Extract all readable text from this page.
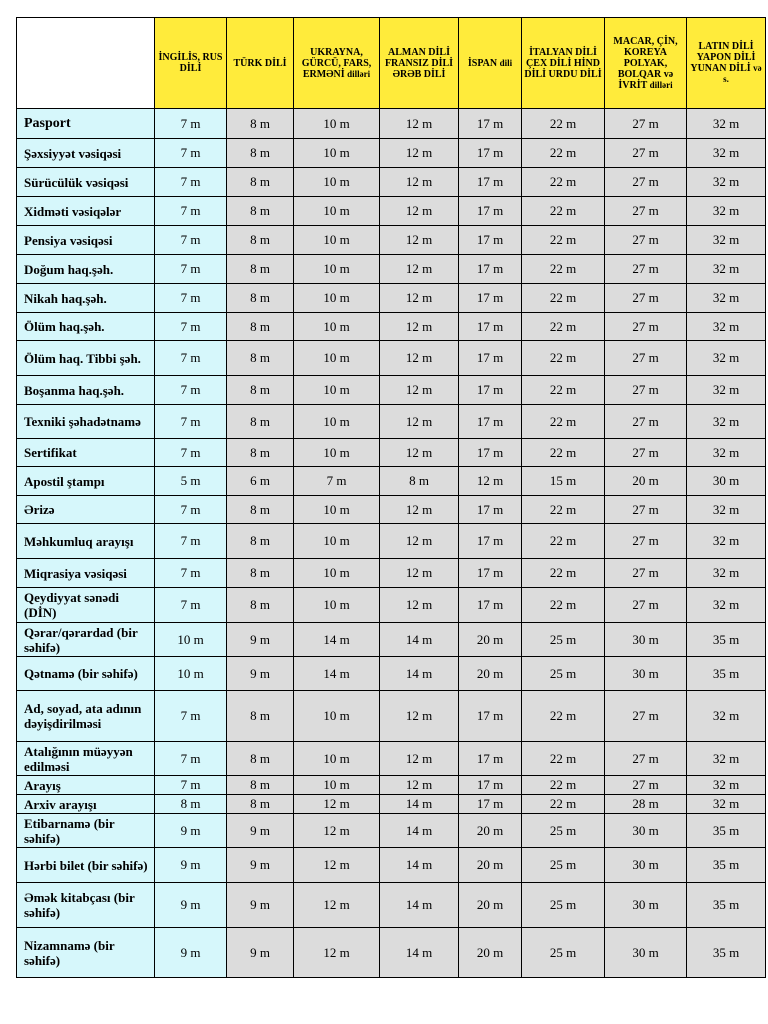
	İNGİLİS, RUS DİLİ	TÜRK DİLİ	UKRAYNA, GÜRCÜ, FARS, ERMƏNİ dilləri	ALMAN DİLİ FRANSIZ DİLİ ƏRƏB DİLİ	İSPAN dili	İTALYAN DİLİ ÇEX DİLİ HİND DİLİ URDU DİLİ	MACAR, ÇİN, KOREYA POLYAK, BOLQAR və İVRİT dilləri	LATIN DİLİ YAPON DİLİ YUNAN DİLİ və s.
Pasport	7 m	8 m	10 m	12 m	17 m	22 m	27 m	32 m
Şəxsiyyət vəsiqəsi	7 m	8 m	10 m	12 m	17 m	22 m	27 m	32 m
Sürücülük vəsiqəsi	7 m	8 m	10 m	12 m	17 m	22 m	27 m	32 m
Xidməti vəsiqələr	7 m	8 m	10 m	12 m	17 m	22 m	27 m	32 m
Pensiya vəsiqəsi	7 m	8 m	10 m	12 m	17 m	22 m	27 m	32 m
Doğum haq.şəh.	7 m	8 m	10 m	12 m	17 m	22 m	27 m	32 m
Nikah haq.şəh.	7 m	8 m	10 m	12 m	17 m	22 m	27 m	32 m
Ölüm haq.şəh.	7 m	8 m	10 m	12 m	17 m	22 m	27 m	32 m
Ölüm haq. Tibbi şəh.	7 m	8 m	10 m	12 m	17 m	22 m	27 m	32 m
Boşanma haq.şəh.	7 m	8 m	10 m	12 m	17 m	22 m	27 m	32 m
Texniki şəhadətnamə	7 m	8 m	10 m	12 m	17 m	22 m	27 m	32 m
Sertifikat	7 m	8 m	10 m	12 m	17 m	22 m	27 m	32 m
Apostil ştampı	5 m	6 m	7 m	8 m	12 m	15 m	20 m	30 m
Ərizə	7 m	8 m	10 m	12 m	17 m	22 m	27 m	32 m
Məhkumluq arayışı	7 m	8 m	10 m	12 m	17 m	22 m	27 m	32 m
Miqrasiya vəsiqəsi	7 m	8 m	10 m	12 m	17 m	22 m	27 m	32 m
Qeydiyyat sənədi (DİN)	7 m	8 m	10 m	12 m	17 m	22 m	27 m	32 m
Qərar/qərardad (bir səhifə)	10 m	9 m	14 m	14 m	20 m	25 m	30 m	35 m
Qətnamə (bir səhifə)	10 m	9 m	14 m	14 m	20 m	25 m	30 m	35 m
Ad, soyad, ata adının dəyişdirilməsi	7 m	8 m	10 m	12 m	17 m	22 m	27 m	32 m
Atalığının müəyyən edilməsi	7 m	8 m	10 m	12 m	17 m	22 m	27 m	32 m
Arayış	7 m	8 m	10 m	12 m	17 m	22 m	27 m	32 m
Arxiv arayışı	8 m	8 m	12 m	14 m	17 m	22 m	28 m	32 m
Etibarnamə (bir səhifə)	9 m	9 m	12 m	14 m	20 m	25 m	30 m	35 m
Hərbi bilet (bir səhifə)	9 m	9 m	12 m	14 m	20 m	25 m	30 m	35 m
Əmək kitabçası (bir səhifə)	9 m	9 m	12 m	14 m	20 m	25 m	30 m	35 m
Nizamnamə (bir səhifə)	9 m	9 m	12 m	14 m	20 m	25 m	30 m	35 m
